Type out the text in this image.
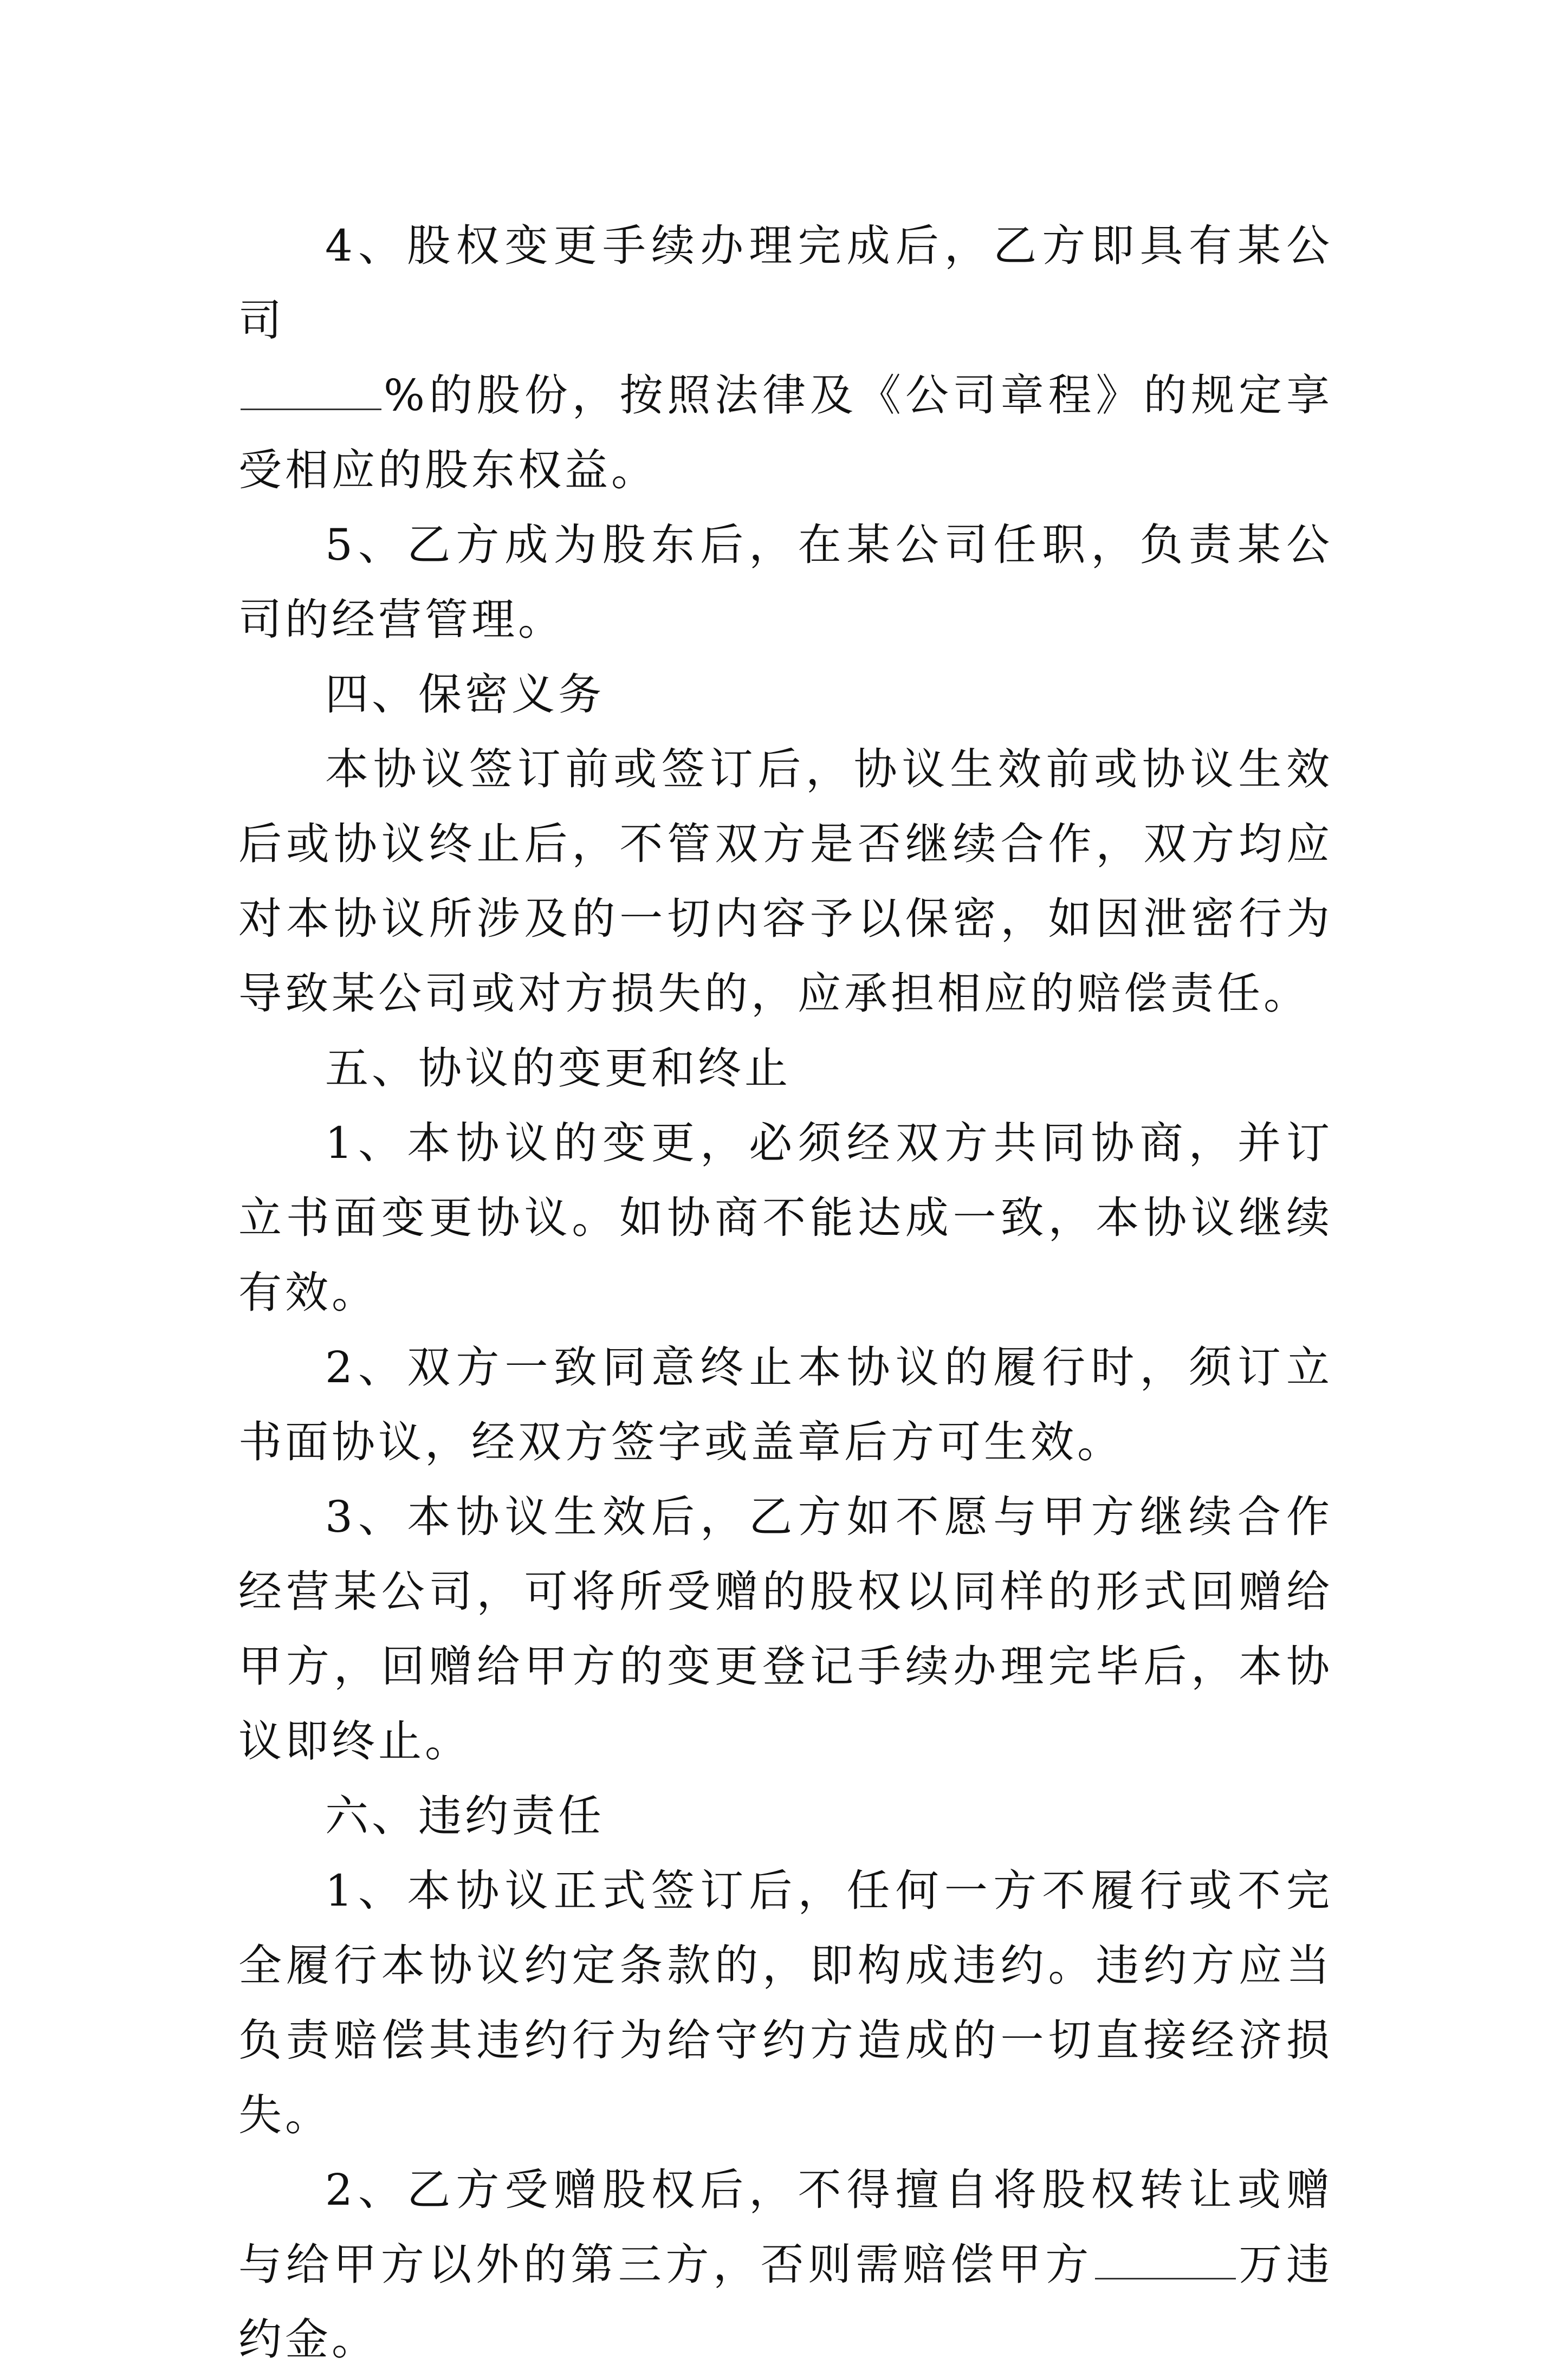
4、股权变更手续办理完成后，乙方即具有某公司
%的股份，按照法律及《公司章程》的规定享受相应的股东权益。

5、乙方成为股东后，在某公司任职，负责某公司的经营管理。

四、保密义务

本协议签订前或签订后，协议生效前或协议生效后或协议终止后，不管双方是否继续合作，双方均应对本协议所涉及的一切内容予以保密，如因泄密行为导致某公司或对方损失的，应承担相应的赔偿责任。

五、协议的变更和终止

1、本协议的变更，必须经双方共同协商，并订立书面变更协议。如协商不能达成一致，本协议继续有效。

2、双方一致同意终止本协议的履行时，须订立书面协议，经双方签字或盖章后方可生效。

3、本协议生效后，乙方如不愿与甲方继续合作经营某公司，可将所受赠的股权以同样的形式回赠给甲方，回赠给甲方的变更登记手续办理完毕后，本协议即终止。

六、违约责任

1、本协议正式签订后，任何一方不履行或不完全履行本协议约定条款的，即构成违约。违约方应当负责赔偿其违约行为给守约方造成的一切直接经济损失。

2、乙方受赠股权后，不得擅自将股权转让或赠与给甲方以外的第三方，否则需赔偿甲方	万违约金。
